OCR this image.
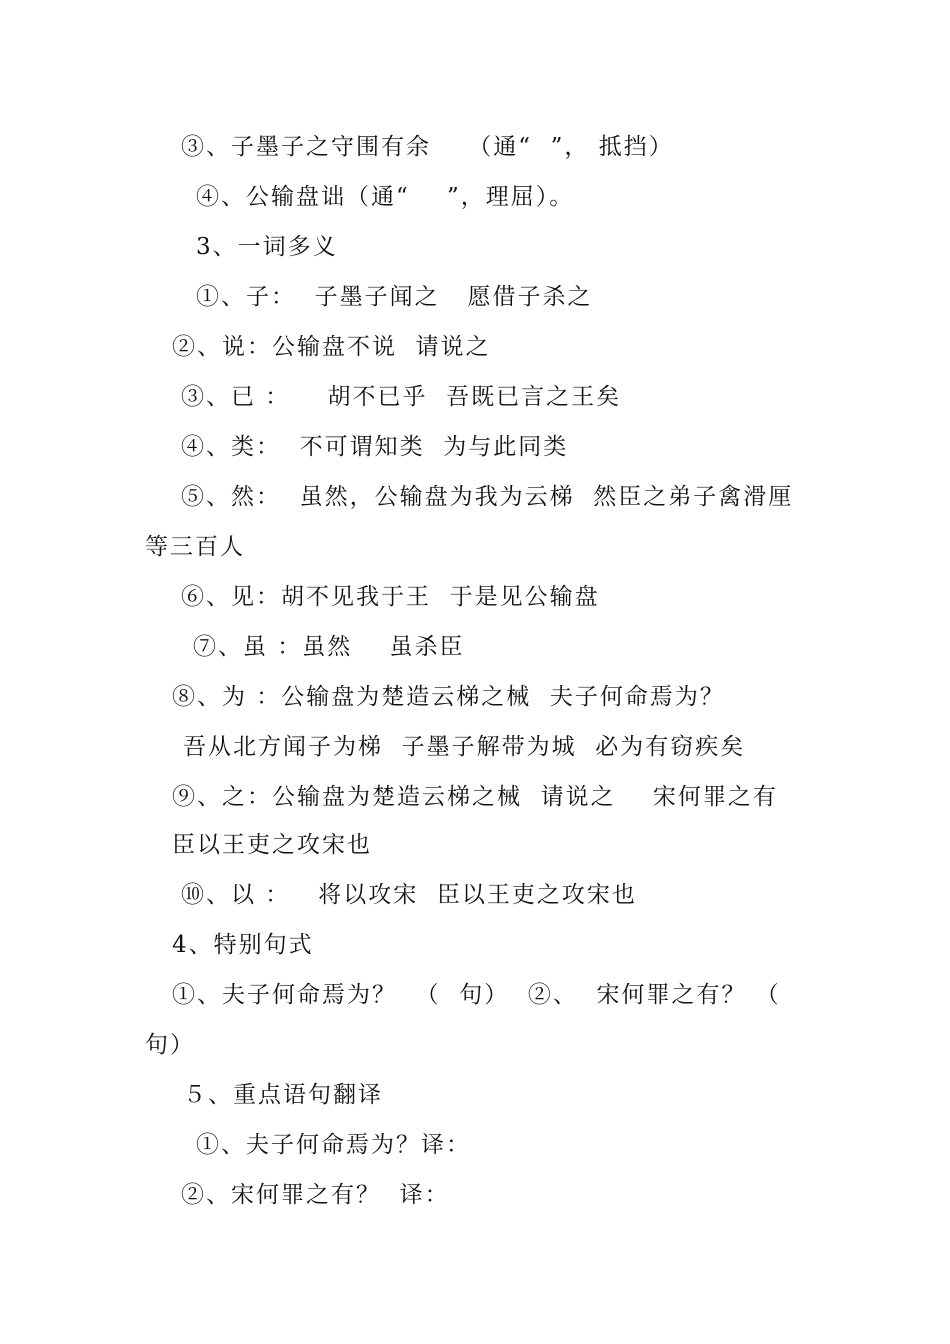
③、子墨子之守围有余    （通“  ”， 抵挡）
④、公输盘诎（通“    ”，理屈）。
3、一词多义
①、子：  子墨子闻之   愿借子杀之
②、说：公输盘不说  请说之
③、已 ：    胡不已乎  吾既已言之王矣
④、类：  不可谓知类  为与此同类
⑤、然：  虽然，公输盘为我为云梯  然臣之弟子禽滑厘
等三百人
⑥、见：胡不见我于王  于是见公输盘
⑦、虽 ：虽然    虽杀臣
⑧、为 ：公输盘为楚造云梯之械  夫子何命焉为？
吾从北方闻子为梯  子墨子解带为城  必为有窃疾矣
⑨、之：公输盘为楚造云梯之械  请说之    宋何罪之有
臣以王吏之攻宋也
⑩、以 ：   将以攻宋  臣以王吏之攻宋也
4、特别句式
①、夫子何命焉为？  （  句）  ②、  宋何罪之有？ （
句）
５、重点语句翻译
①、夫子何命焉为？译：
②、宋何罪之有？  译：
